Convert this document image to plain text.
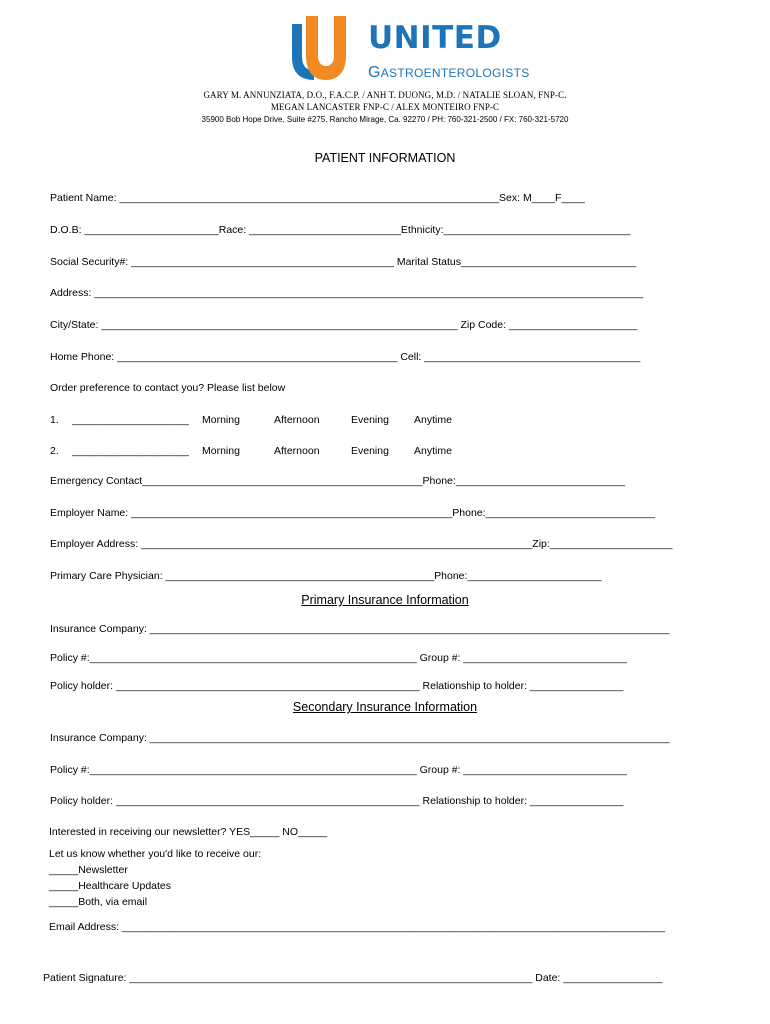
UNITED

GASTROENTEROLOGISTS

GARY M. ANNUNZIATA, D.O., F.A.C.P. / ANH T. DUONG, M.D. / NATALIE SLOAN, FNP-C.
MEGAN LANCASTER FNP-C / ALEX MONTEIRO FNP-C
35900 Bob Hope Drive, Suite #275. Rancho Mirage, Ca. 92270 / PH: 760-321-2500 / FX: 760-321-5720
PATIENT INFORMATION
Patient Name: _________________________________________________________________Sex: M____F____
D.O.B: _______________________Race: __________________________Ethnicity:________________________________
Social Security#: _____________________________________________ Marital Status______________________________
Address: ______________________________________________________________________________________________
City/State: _____________________________________________________________ Zip Code: ______________________
Home Phone: ________________________________________________ Cell: _____________________________________
Order preference to contact you? Please list below
1. ____________________ Morning	Afternoon	Evening Anytime
2. ____________________ Morning	Afternoon	Evening Anytime
Emergency Contact________________________________________________Phone:_____________________________
Employer Name: _______________________________________________________Phone:_____________________________
Employer Address: ___________________________________________________________________Zip:_____________________
Primary Care Physician: ______________________________________________Phone:_______________________
Primary Insurance Information
Insurance Company: _________________________________________________________________________________________
Policy #:________________________________________________________ Group #: ____________________________
Policy holder: ____________________________________________________ Relationship to holder: ________________
Secondary Insurance Information
Insurance Company: _________________________________________________________________________________________
Policy #:________________________________________________________ Group #: ____________________________
Policy holder: ____________________________________________________ Relationship to holder: ________________
Interested in receiving our newsletter? YES_____ NO_____
Let us know whether you'd like to receive our:
_____Newsletter
_____Healthcare Updates
_____Both, via email
Email Address: _____________________________________________________________________________________________
Patient Signature: _____________________________________________________________________ Date: _________________
